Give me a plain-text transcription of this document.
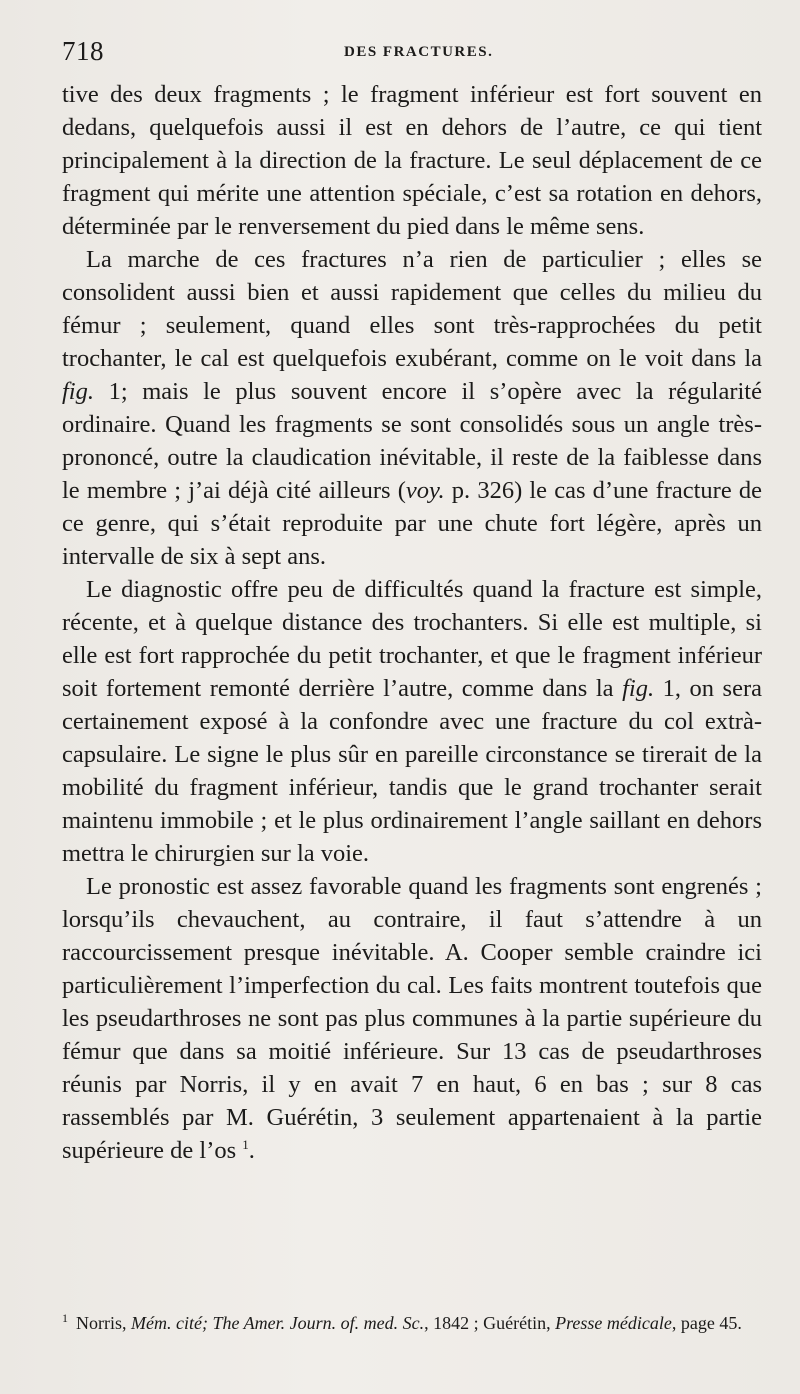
718	DES FRACTURES.

tive des deux fragments ; le fragment inférieur est fort souvent en dedans, quelquefois aussi il est en dehors de l’autre, ce qui tient principalement à la direction de la fracture. Le seul déplacement de ce fragment qui mérite une attention spéciale, c’est sa rotation en dehors, déterminée par le renversement du pied dans le même sens.

La marche de ces fractures n’a rien de particulier ; elles se consolident aussi bien et aussi rapidement que celles du milieu du fémur ; seulement, quand elles sont très-rapprochées du petit trochanter, le cal est quelquefois exubérant, comme on le voit dans la fig. 1; mais le plus souvent encore il s’opère avec la régularité ordinaire. Quand les fragments se sont consolidés sous un angle très-prononcé, outre la claudication inévitable, il reste de la faiblesse dans le membre ; j’ai déjà cité ailleurs (voy. p. 326) le cas d’une fracture de ce genre, qui s’était reproduite par une chute fort légère, après un intervalle de six à sept ans.

Le diagnostic offre peu de difficultés quand la fracture est simple, récente, et à quelque distance des trochanters. Si elle est multiple, si elle est fort rapprochée du petit trochanter, et que le fragment inférieur soit fortement remonté derrière l’autre, comme dans la fig. 1, on sera certainement exposé à la confondre avec une fracture du col extrà-capsulaire. Le signe le plus sûr en pareille circonstance se tirerait de la mobilité du fragment inférieur, tandis que le grand trochanter serait maintenu immobile ; et le plus ordinairement l’angle saillant en dehors mettra le chirurgien sur la voie.

Le pronostic est assez favorable quand les fragments sont engrenés ; lorsqu’ils chevauchent, au contraire, il faut s’attendre à un raccourcissement presque inévitable. A. Cooper semble craindre ici particulièrement l’imperfection du cal. Les faits montrent toutefois que les pseudarthroses ne sont pas plus communes à la partie supérieure du fémur que dans sa moitié inférieure. Sur 13 cas de pseudarthroses réunis par Norris, il y en avait 7 en haut, 6 en bas ; sur 8 cas rassemblés par M. Guérétin, 3 seulement appartenaient à la partie supérieure de l’os $^1$.

$^1$ Norris, Mém. cité; The Amer. Journ. of. med. Sc., 1842 ; Guérétin, Presse médicale, page 45.
